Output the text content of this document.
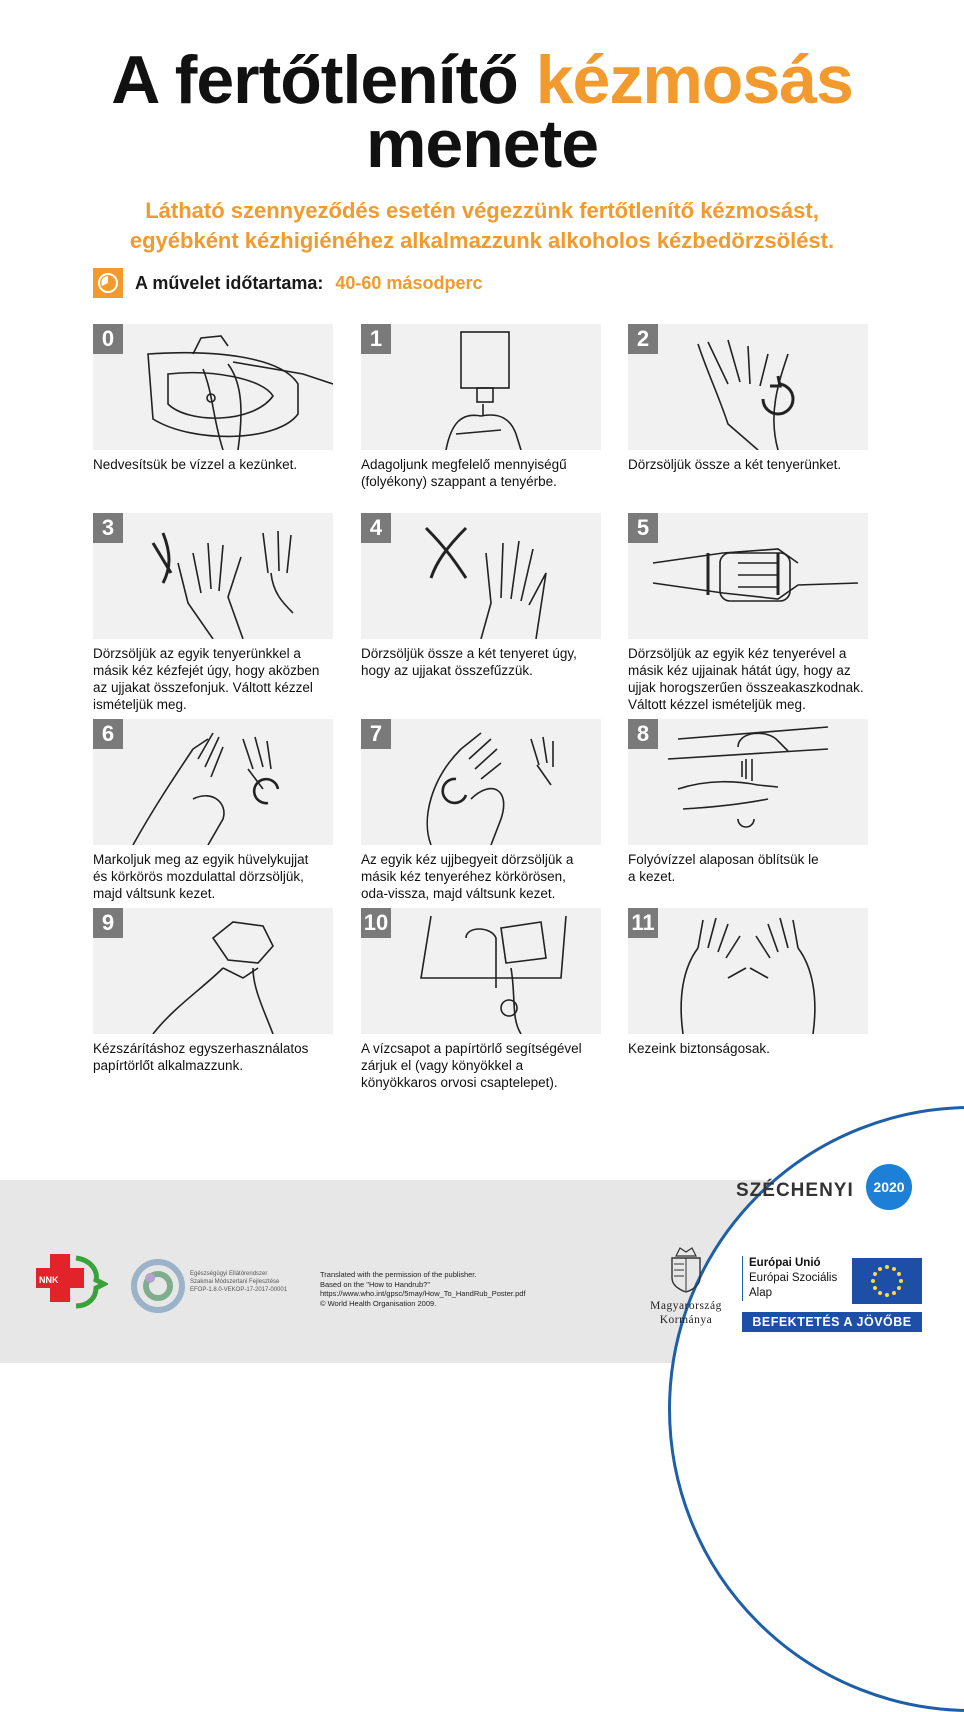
A fertőtlenítő kézmosás
menete
Látható szennyeződés esetén végezzünk fertőtlenítő kézmosást,
egyébként kézhigiénéhez alkalmazzunk alkoholos kézbedörzsölést.
A művelet időtartama: 40-60 másodperc
0
Nedvesítsük be vízzel a kezünket.
1
Adagoljunk megfelelő mennyiségű
(folyékony) szappant a tenyérbe.
2
Dörzsöljük össze a két tenyerünket.
3
Dörzsöljük az egyik tenyerünkkel a
másik kéz kézfejét úgy, hogy aközben
az ujjakat összefonjuk. Váltott kézzel
ismételjük meg.
4
Dörzsöljük össze a két tenyeret úgy,
hogy az ujjakat összefűzzük.
5
Dörzsöljük az egyik kéz tenyerével a
másik kéz ujjainak hátát úgy, hogy az
ujjak horogszerűen összeakaszkodnak.
Váltott kézzel ismételjük meg.
6
Markoljuk meg az egyik hüvelykujjat
és körkörös mozdulattal dörzsöljük,
majd váltsunk kezet.
7
Az egyik kéz ujjbegyeit dörzsöljük a
másik kéz tenyeréhez körkörösen,
oda-vissza, majd váltsunk kezet.
8
Folyóvízzel alaposan öblítsük le
a kezet.
9
Kézszárításhoz egyszerhasználatos
papírtörlőt alkalmazzunk.
10
A vízcsapot a papírtörlő segítségével
zárjuk el (vagy könyökkel a
könyökkaros orvosi csaptelepet).
11
Kezeink biztonságosak.
SZÉCHENYI	2020
Magyarország
Kormánya
Európai Unió
Európai Szociális
Alap
BEFEKTETÉS A JÖVŐBE
NNK
Egészségügyi Ellátórendszer
Szakmai Módszertani Fejlesztése
EFOP-1.8.0-VEKOP-17-2017-00001
Translated with the permission of the publisher.
Based on the "How to Handrub?"
https://www.who.int/gpsc/5may/How_To_HandRub_Poster.pdf
© World Health Organisation 2009.
